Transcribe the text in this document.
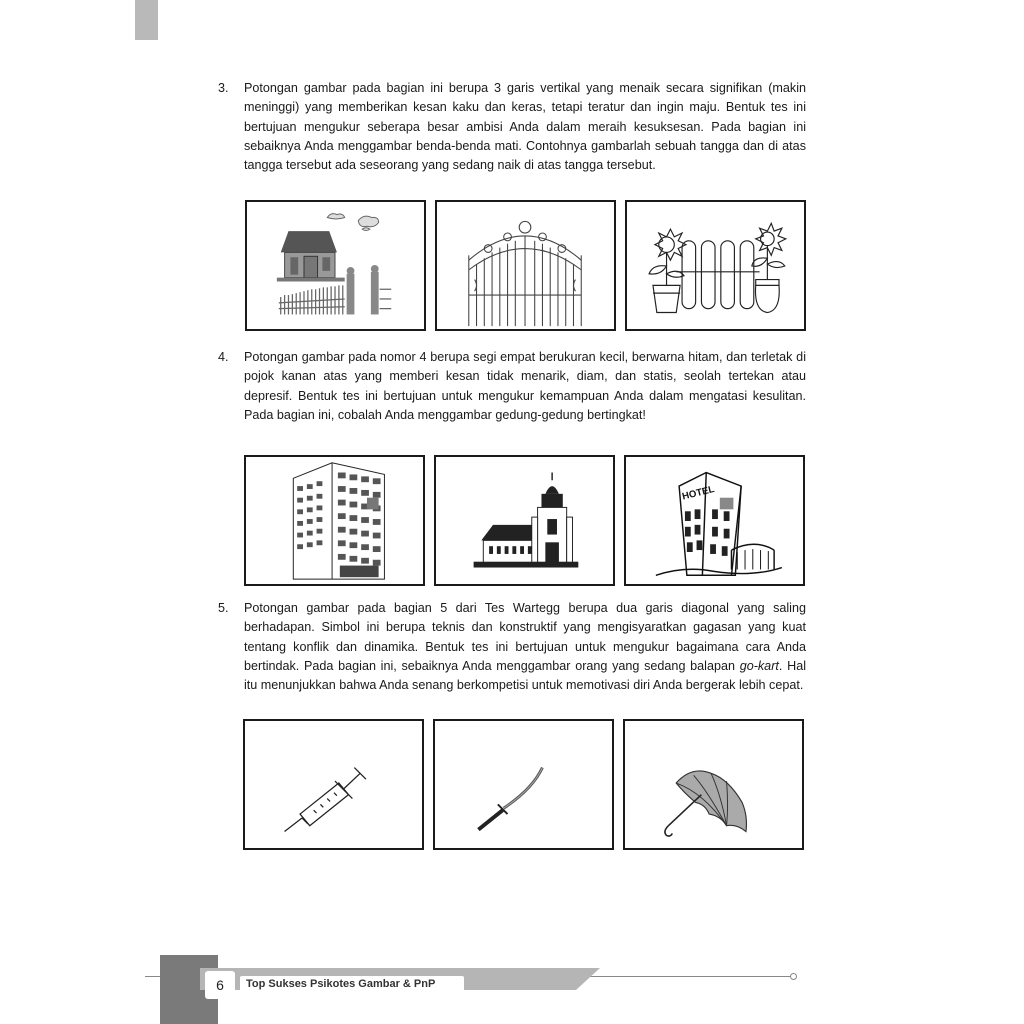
3. Potongan gambar pada bagian ini berupa 3 garis vertikal yang menaik secara signifikan (makin meninggi) yang memberikan kesan kaku dan keras, tetapi teratur dan ingin maju. Bentuk tes ini bertujuan mengukur seberapa besar ambisi Anda dalam meraih kesuksesan. Pada bagian ini sebaiknya Anda menggambar benda-benda mati. Contohnya gambarlah sebuah tangga dan di atas tangga tersebut ada seseorang yang sedang naik di atas tangga tersebut.
4. Potongan gambar pada nomor 4 berupa segi empat berukuran kecil, berwarna hitam, dan terletak di pojok kanan atas yang memberi kesan tidak menarik, diam, dan statis, seolah tertekan atau depresif. Bentuk tes ini bertujuan untuk mengukur kemampuan Anda dalam mengatasi kesulitan. Pada bagian ini, cobalah Anda menggambar gedung-gedung bertingkat!
HOTEL
5. Potongan gambar pada bagian 5 dari Tes Wartegg berupa dua garis diagonal yang saling berhadapan. Simbol ini berupa teknis dan konstruktif yang mengisyaratkan gagasan yang kuat tentang konflik dan dinamika. Bentuk tes ini bertujuan untuk mengukur bagaimana cara Anda bertindak. Pada bagian ini, sebaiknya Anda menggambar orang yang sedang balapan go-kart. Hal itu menunjukkan bahwa Anda senang berkompetisi untuk memotivasi diri Anda bergerak lebih cepat.
6	Top Sukses Psikotes Gambar & PnP
